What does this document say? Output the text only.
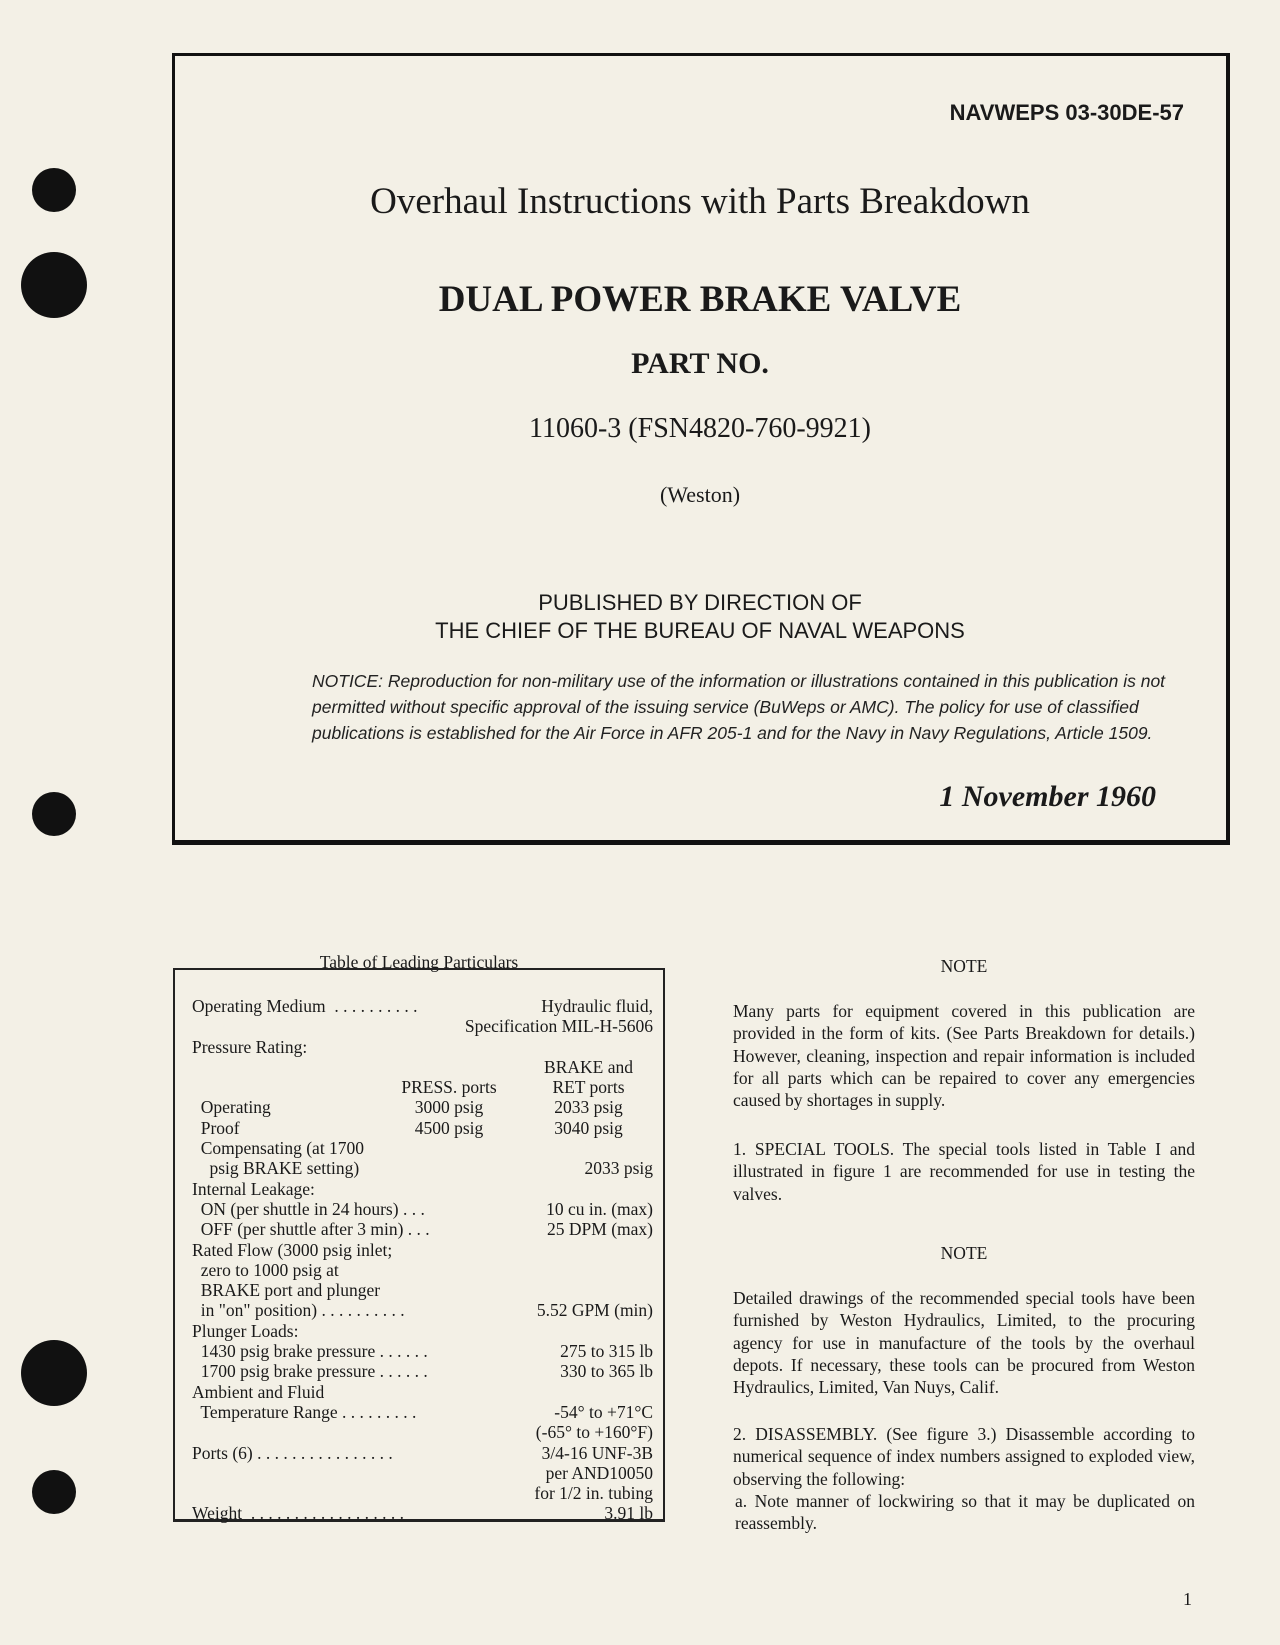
NAVWEPS 03-30DE-57
Overhaul Instructions with Parts Breakdown
DUAL POWER BRAKE VALVE
PART NO.
11060-3 (FSN4820-760-9921)
(Weston)
PUBLISHED BY DIRECTION OF
THE CHIEF OF THE BUREAU OF NAVAL WEAPONS
NOTICE: Reproduction for non-military use of the information or illustrations contained in this publication is not permitted without specific approval of the issuing service (BuWeps or AMC). The policy for use of classified publications is established for the Air Force in AFR 205-1 and for the Navy in Navy Regulations, Article 1509.
1 November 1960
Table of Leading Particulars
Operating Medium  . . . . . . . . . .	Hydraulic fluid,
Specification MIL-H-5606
Pressure Rating:
BRAKE and
PRESS. ports	RET ports
Operating	3000 psig	2033 psig
Proof	4500 psig	3040 psig
Compensating (at 1700
psig BRAKE setting)	2033 psig
Internal Leakage:
ON (per shuttle in 24 hours) . . .	10 cu in. (max)
OFF (per shuttle after 3 min) . . .	25 DPM (max)
Rated Flow (3000 psig inlet;
zero to 1000 psig at
BRAKE port and plunger
in "on" position) . . . . . . . . . .	5.52 GPM (min)
Plunger Loads:
1430 psig brake pressure . . . . . .	275 to 315 lb
1700 psig brake pressure . . . . . .	330 to 365 lb
Ambient and Fluid
Temperature Range . . . . . . . . .	-54° to +71°C
(-65° to +160°F)
Ports (6) . . . . . . . . . . . . . . . .	3/4-16 UNF-3B
per AND10050
for 1/2 in. tubing
Weight  . . . . . . . . . . . . . . . . . .	3.91 lb
NOTE
Many parts for equipment covered in this publication are provided in the form of kits. (See Parts Breakdown for details.) However, cleaning, inspection and repair information is included for all parts which can be repaired to cover any emergencies caused by shortages in supply.
1. SPECIAL TOOLS. The special tools listed in Table I and illustrated in figure 1 are recommended for use in testing the valves.
NOTE
Detailed drawings of the recommended special tools have been furnished by Weston Hydraulics, Limited, to the procuring agency for use in manufacture of the tools by the overhaul depots. If necessary, these tools can be procured from Weston Hydraulics, Limited, Van Nuys, Calif.
2. DISASSEMBLY. (See figure 3.) Disassemble according to numerical sequence of index numbers assigned to exploded view, observing the following:
a. Note manner of lockwiring so that it may be duplicated on reassembly.
1
